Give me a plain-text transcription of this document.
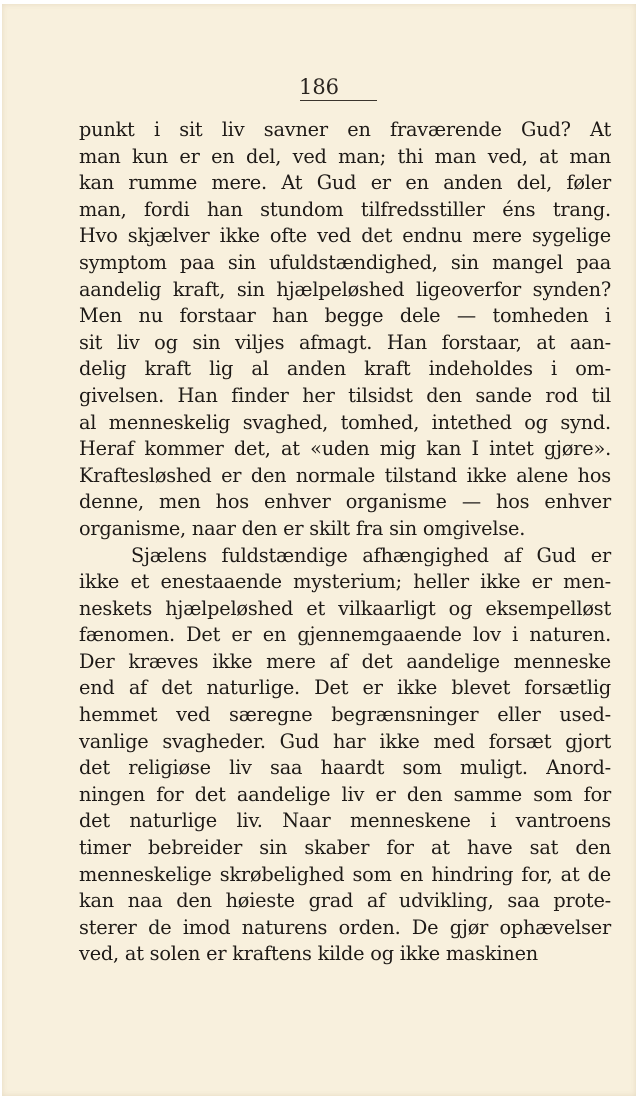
186
punkt i sit liv savner en fraværende Gud? At
man kun er en del, ved man; thi man ved, at man
kan rumme mere. At Gud er en anden del, føler
man, fordi han stundom tilfredsstiller éns trang.
Hvo skjælver ikke ofte ved det endnu mere sygelige
symptom paa sin ufuldstændighed, sin mangel paa
aandelig kraft, sin hjælpeløshed ligeoverfor synden?
Men nu forstaar han begge dele — tomheden i
sit liv og sin viljes afmagt. Han forstaar, at aan-
delig kraft lig al anden kraft indeholdes i om-
givelsen. Han finder her tilsidst den sande rod til
al menneskelig svaghed, tomhed, intethed og synd.
Heraf kommer det, at «uden mig kan I intet gjøre».
Kraftesløshed er den normale tilstand ikke alene hos
denne, men hos enhver organisme — hos enhver
organisme, naar den er skilt fra sin omgivelse.
Sjælens fuldstændige afhængighed af Gud er
ikke et enestaaende mysterium; heller ikke er men-
neskets hjælpeløshed et vilkaarligt og eksempelløst
fænomen. Det er en gjennemgaaende lov i naturen.
Der kræves ikke mere af det aandelige menneske
end af det naturlige. Det er ikke blevet forsætlig
hemmet ved særegne begrænsninger eller used-
vanlige svagheder. Gud har ikke med forsæt gjort
det religiøse liv saa haardt som muligt. Anord-
ningen for det aandelige liv er den samme som for
det naturlige liv. Naar menneskene i vantroens
timer bebreider sin skaber for at have sat den
menneskelige skrøbelighed som en hindring for, at de
kan naa den høieste grad af udvikling, saa prote-
sterer de imod naturens orden. De gjør ophævelser
ved, at solen er kraftens kilde og ikke maskinen
